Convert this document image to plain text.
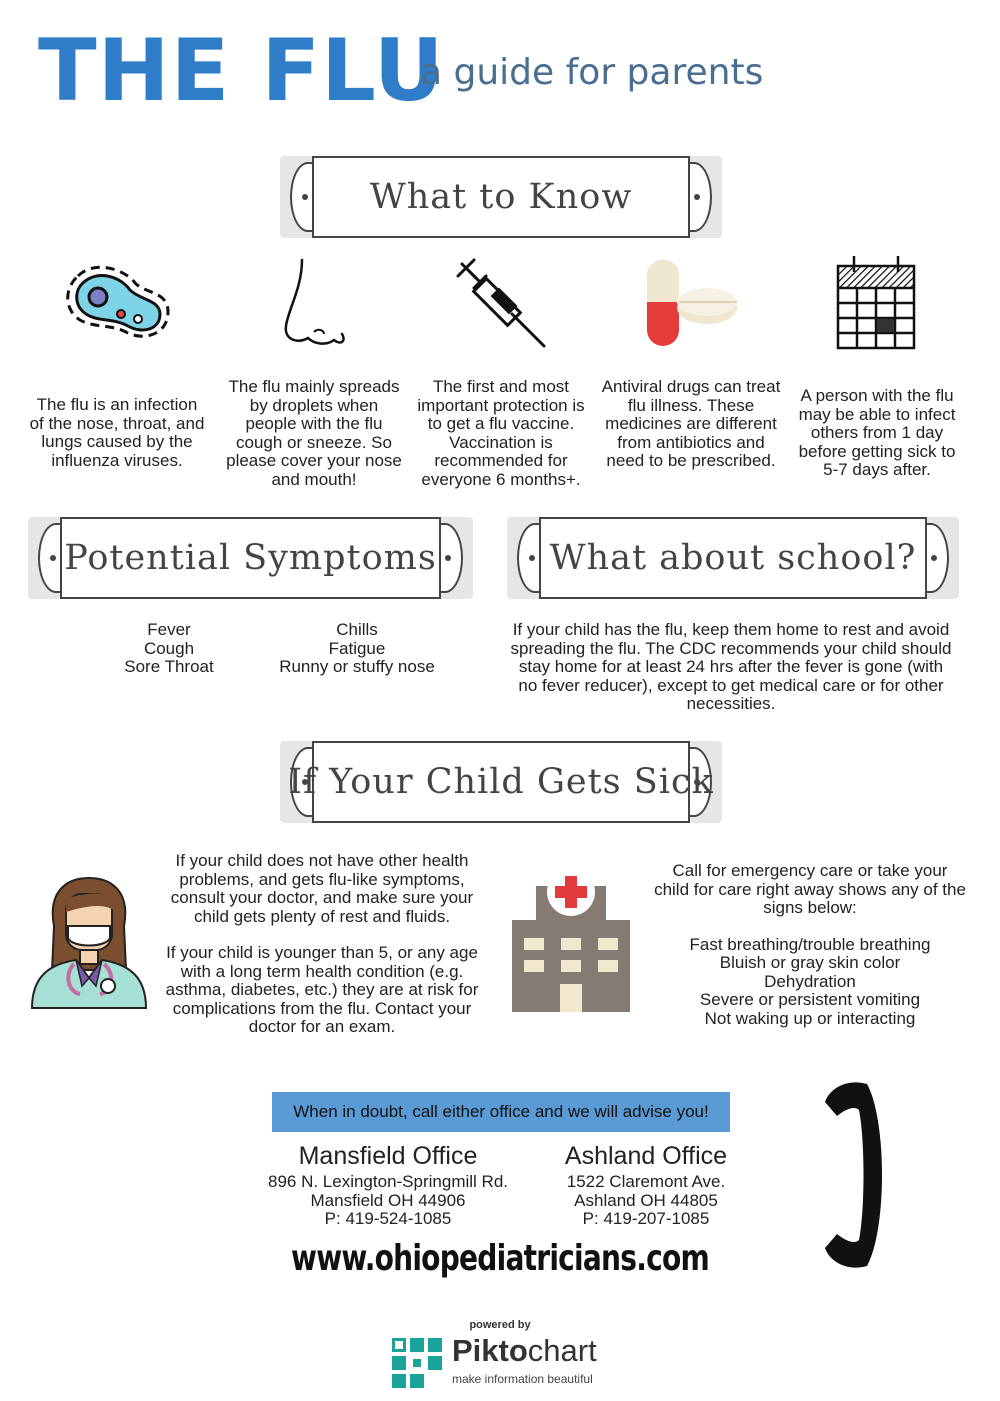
THE FLU
a guide for parents
What to Know
The flu is an infection of the nose, throat, and lungs caused by the influenza viruses.
The flu mainly spreads by droplets when people with the flu cough or sneeze. So please cover your nose and mouth!
The first and most important protection is to get a flu vaccine. Vaccination is recommended for everyone 6 months+.
Antiviral drugs can treat flu illness. These medicines are different from antibiotics and need to be prescribed.
A person with the flu may be able to infect others from 1 day before getting sick to 5-7 days after.
Potential Symptoms	What about school?
Fever
Cough
Sore Throat
Chills
Fatigue
Runny or stuffy nose
If your child has the flu, keep them home to rest and avoid spreading the flu. The CDC recommends your child should stay home for at least 24 hrs after the fever is gone (with no fever reducer), except to get medical care or for other necessities.
If Your Child Gets Sick
If your child does not have other health problems, and gets flu-like symptoms, consult your doctor, and make sure your child gets plenty of rest and fluids.
If your child is younger than 5, or any age with a long term health condition (e.g. asthma, diabetes, etc.) they are at risk for complications from the flu. Contact your doctor for an exam.
Call for emergency care or take your child for care right away shows any of the signs below:
Fast breathing/trouble breathing
Bluish or gray skin color
Dehydration
Severe or persistent vomiting
Not waking up or interacting
When in doubt, call either office and we will advise you!
Mansfield Office
896 N. Lexington-Springmill Rd.
Mansfield OH 44906
P: 419-524-1085
Ashland Office
1522 Claremont Ave.
Ashland OH 44805
P: 419-207-1085
www.ohiopediatricians.com
powered by
Piktochart
make information beautiful
